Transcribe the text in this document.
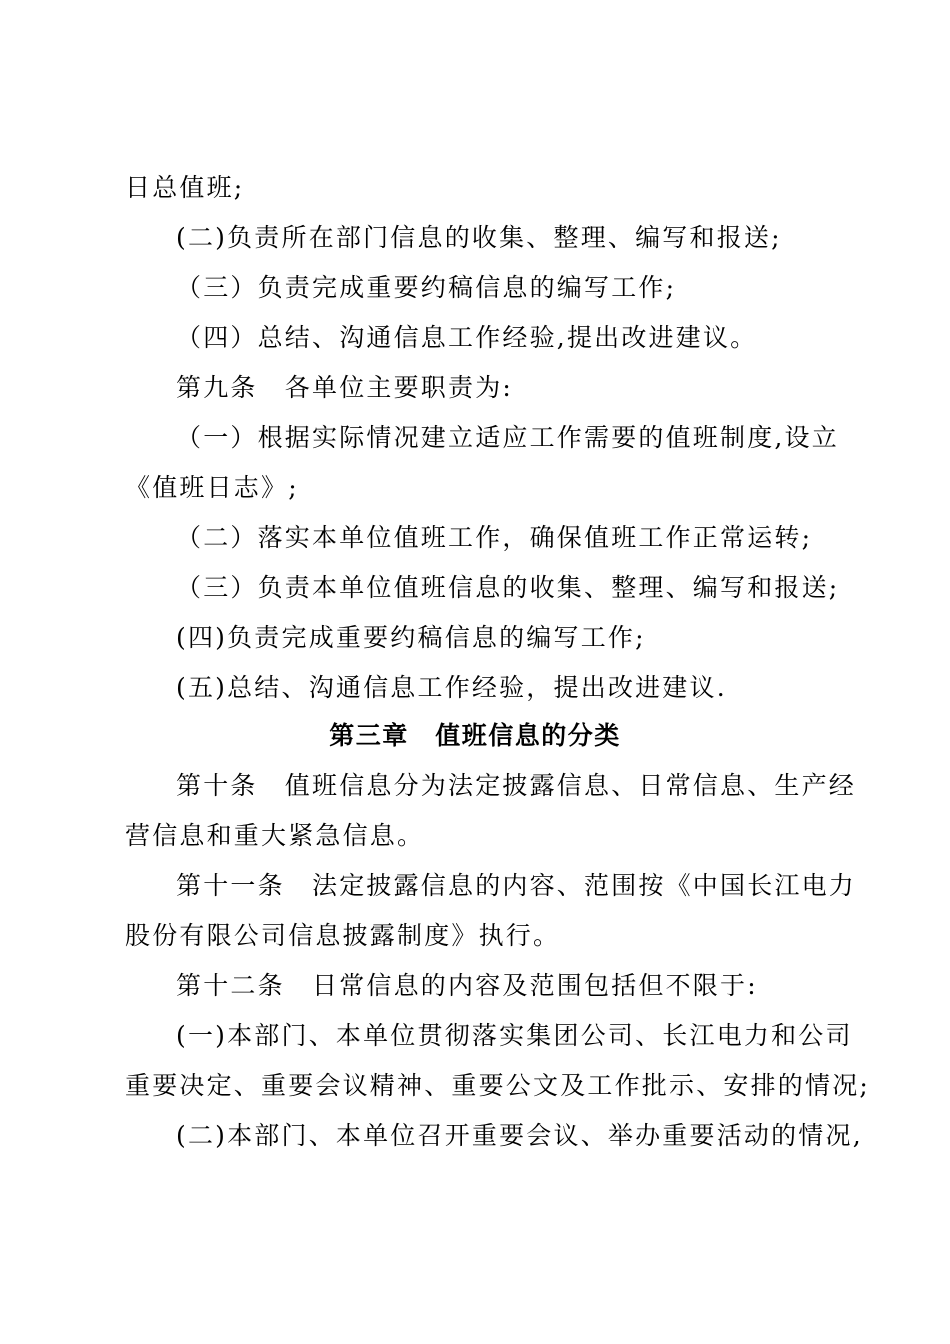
日总值班;
(二)负责所在部门信息的收集、整理、编写和报送;
（三）负责完成重要约稿信息的编写工作;
（四）总结、沟通信息工作经验,提出改进建议。
第九条　各单位主要职责为:
（一）根据实际情况建立适应工作需要的值班制度,设立
《值班日志》;
（二）落实本单位值班工作，确保值班工作正常运转;
（三）负责本单位值班信息的收集、整理、编写和报送;
(四)负责完成重要约稿信息的编写工作;
(五)总结、沟通信息工作经验，提出改进建议.
第三章　值班信息的分类
第十条　值班信息分为法定披露信息、日常信息、生产经
营信息和重大紧急信息。
第十一条　法定披露信息的内容、范围按《中国长江电力
股份有限公司信息披露制度》执行。
第十二条　日常信息的内容及范围包括但不限于:
(一)本部门、本单位贯彻落实集团公司、长江电力和公司
重要决定、重要会议精神、重要公文及工作批示、安排的情况;
(二)本部门、本单位召开重要会议、举办重要活动的情况,
